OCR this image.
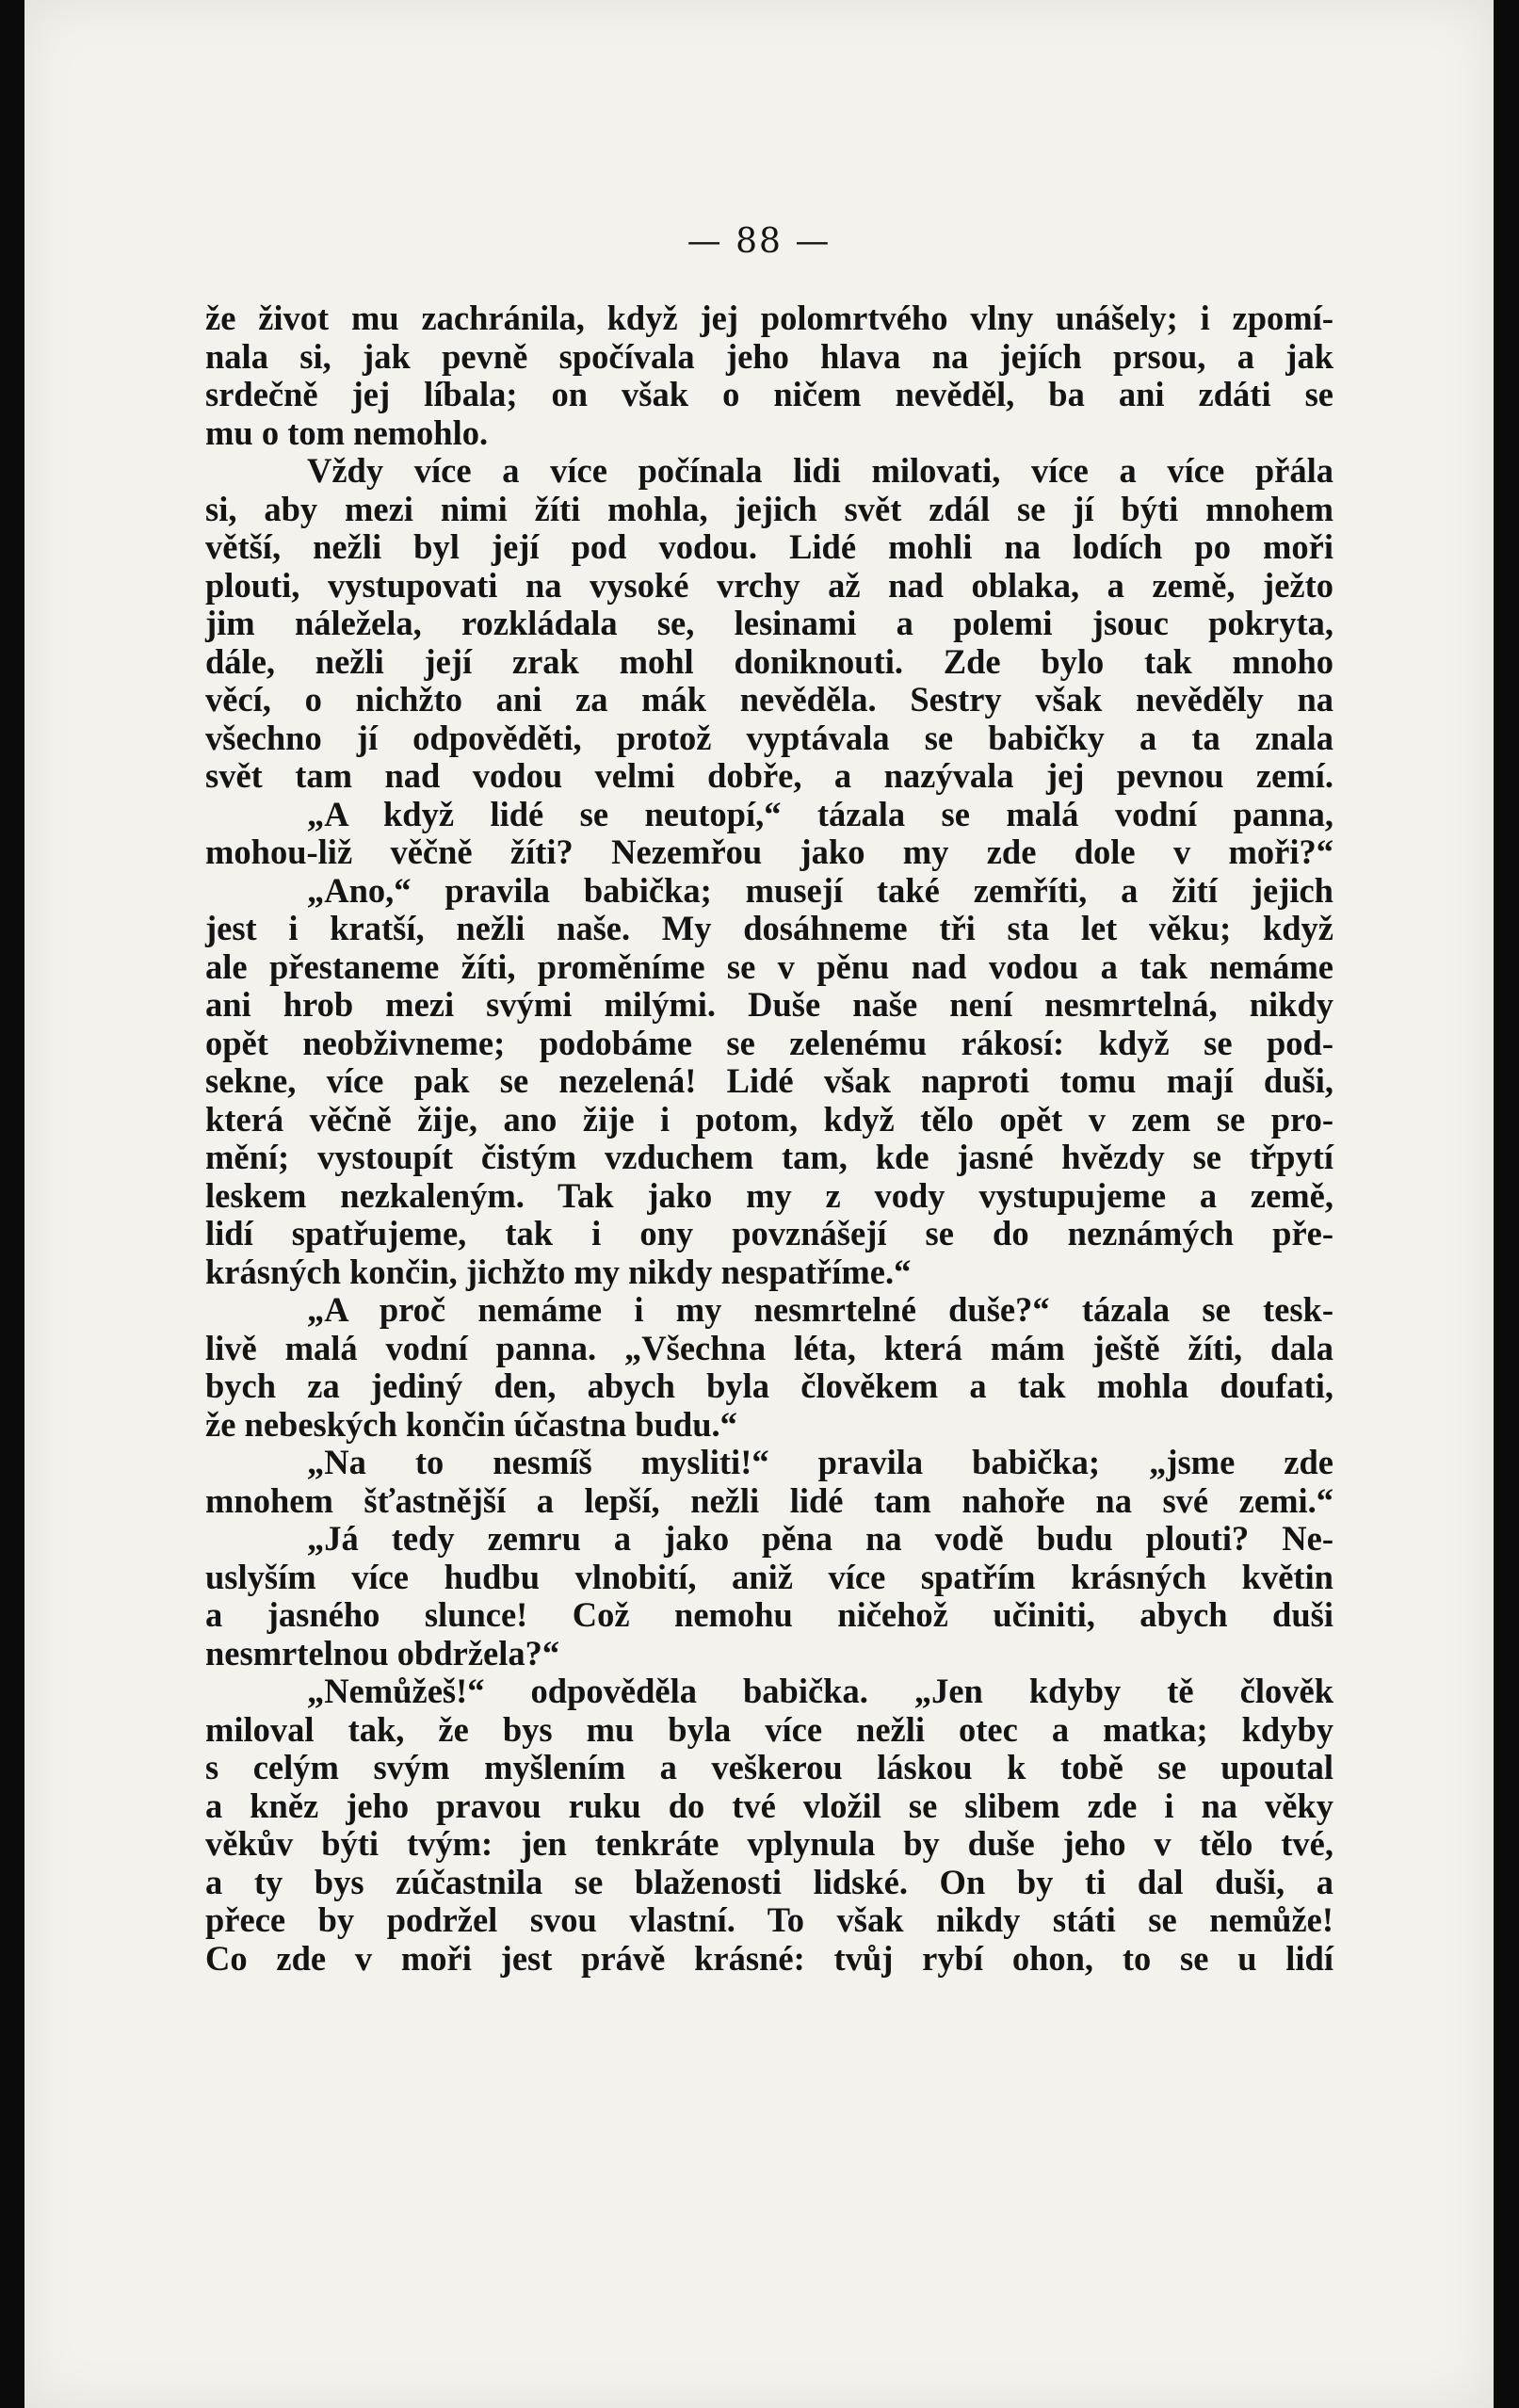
— 88 —
že život mu zachránila, když jej polomrtvého vlny unášely; i zpomí-
nala si, jak pevně spočívala jeho hlava na jejích prsou, a jak
srdečně jej líbala; on však o ničem nevěděl, ba ani zdáti se
mu o tom nemohlo.
Vždy více a více počínala lidi milovati, více a více přála
si, aby mezi nimi žíti mohla, jejich svět zdál se jí býti mnohem
větší, nežli byl její pod vodou. Lidé mohli na lodích po moři
plouti, vystupovati na vysoké vrchy až nad oblaka, a země, ježto
jim náležela, rozkládala se, lesinami a polemi jsouc pokryta,
dále, nežli její zrak mohl doniknouti. Zde bylo tak mnoho
věcí, o nichžto ani za mák nevěděla. Sestry však nevěděly na
všechno jí odpověděti, protož vyptávala se babičky a ta znala
svět tam nad vodou velmi dobře, a nazývala jej pevnou zemí.
„A když lidé se neutopí,“ tázala se malá vodní panna,
mohou-liž věčně žíti? Nezemřou jako my zde dole v moři?“
„Ano,“ pravila babička; musejí také zemříti, a žití jejich
jest i kratší, nežli naše. My dosáhneme tři sta let věku; když
ale přestaneme žíti, proměníme se v pěnu nad vodou a tak nemáme
ani hrob mezi svými milými. Duše naše není nesmrtelná, nikdy
opět neobživneme; podobáme se zelenému rákosí: když se pod-
sekne, více pak se nezelená! Lidé však naproti tomu mají duši,
která věčně žije, ano žije i potom, když tělo opět v zem se pro-
mění; vystoupít čistým vzduchem tam, kde jasné hvězdy se třpytí
leskem nezkaleným. Tak jako my z vody vystupujeme a země,
lidí spatřujeme, tak i ony povznášejí se do neznámých pře-
krásných končin, jichžto my nikdy nespatříme.“
„A proč nemáme i my nesmrtelné duše?“ tázala se tesk-
livě malá vodní panna. „Všechna léta, která mám ještě žíti, dala
bych za jediný den, abych byla člověkem a tak mohla doufati,
že nebeských končin účastna budu.“
„Na to nesmíš mysliti!“ pravila babička; „jsme zde
mnohem šťastnější a lepší, nežli lidé tam nahoře na své zemi.“
„Já tedy zemru a jako pěna na vodě budu plouti? Ne-
uslyším více hudbu vlnobití, aniž více spatřím krásných květin
a jasného slunce! Což nemohu ničehož učiniti, abych duši
nesmrtelnou obdržela?“
„Nemůžeš!“ odpověděla babička. „Jen kdyby tě člověk
miloval tak, že bys mu byla více nežli otec a matka; kdyby
s celým svým myšlením a veškerou láskou k tobě se upoutal
a kněz jeho pravou ruku do tvé vložil se slibem zde i na věky
věkův býti tvým: jen tenkráte vplynula by duše jeho v tělo tvé,
a ty bys zúčastnila se blaženosti lidské. On by ti dal duši, a
přece by podržel svou vlastní. To však nikdy státi se nemůže!
Co zde v moři jest právě krásné: tvůj rybí ohon, to se u lidí
